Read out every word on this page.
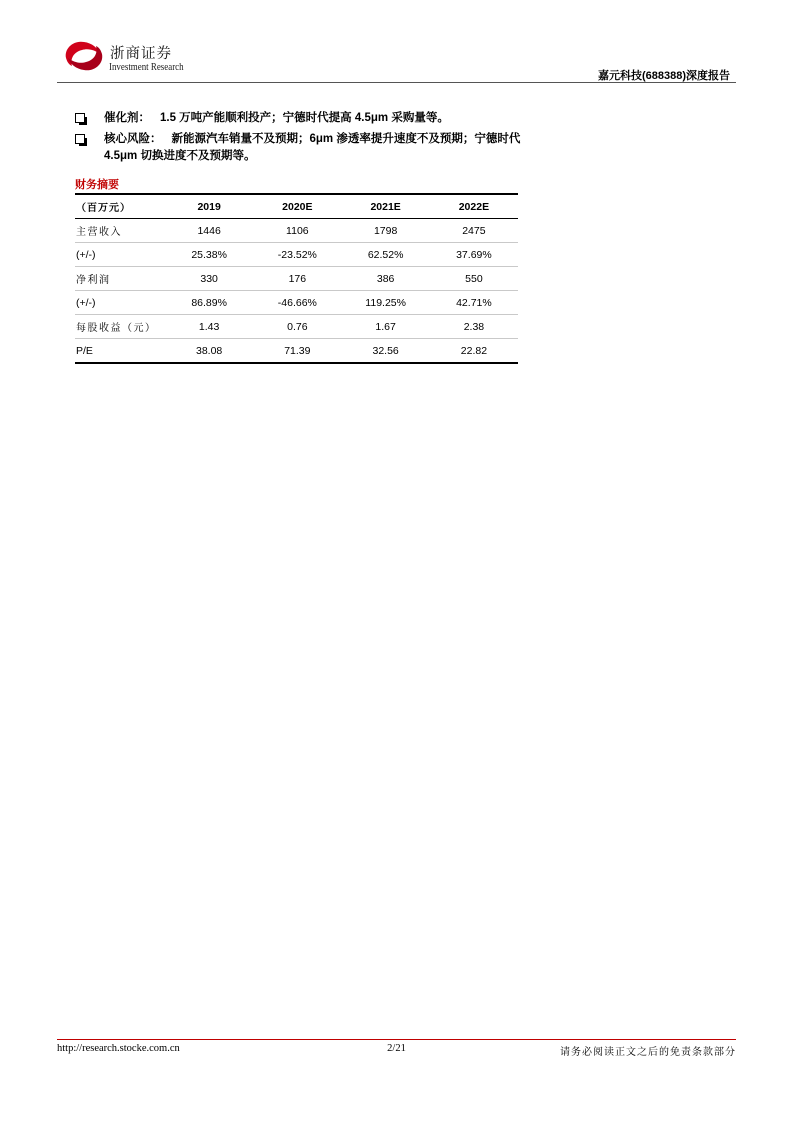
浙商证券
Investment Research
嘉元科技(688388)深度报告
催化剂： 1.5 万吨产能顺利投产；宁德时代提高 4.5μm 采购量等。
核心风险： 新能源汽车销量不及预期；6μm 渗透率提升速度不及预期；宁德时代 4.5μm 切换进度不及预期等。
财务摘要
（百万元）	2019	2020E	2021E	2022E
主营收入	1446	1106	1798	2475
(+/-)	25.38%	-23.52%	62.52%	37.69%
净利润	330	176	386	550
(+/-)	86.89%	-46.66%	119.25%	42.71%
每股收益（元）	1.43	0.76	1.67	2.38
P/E	38.08	71.39	32.56	22.82
http://research.stocke.com.cn	2/21	请务必阅读正文之后的免责条款部分
